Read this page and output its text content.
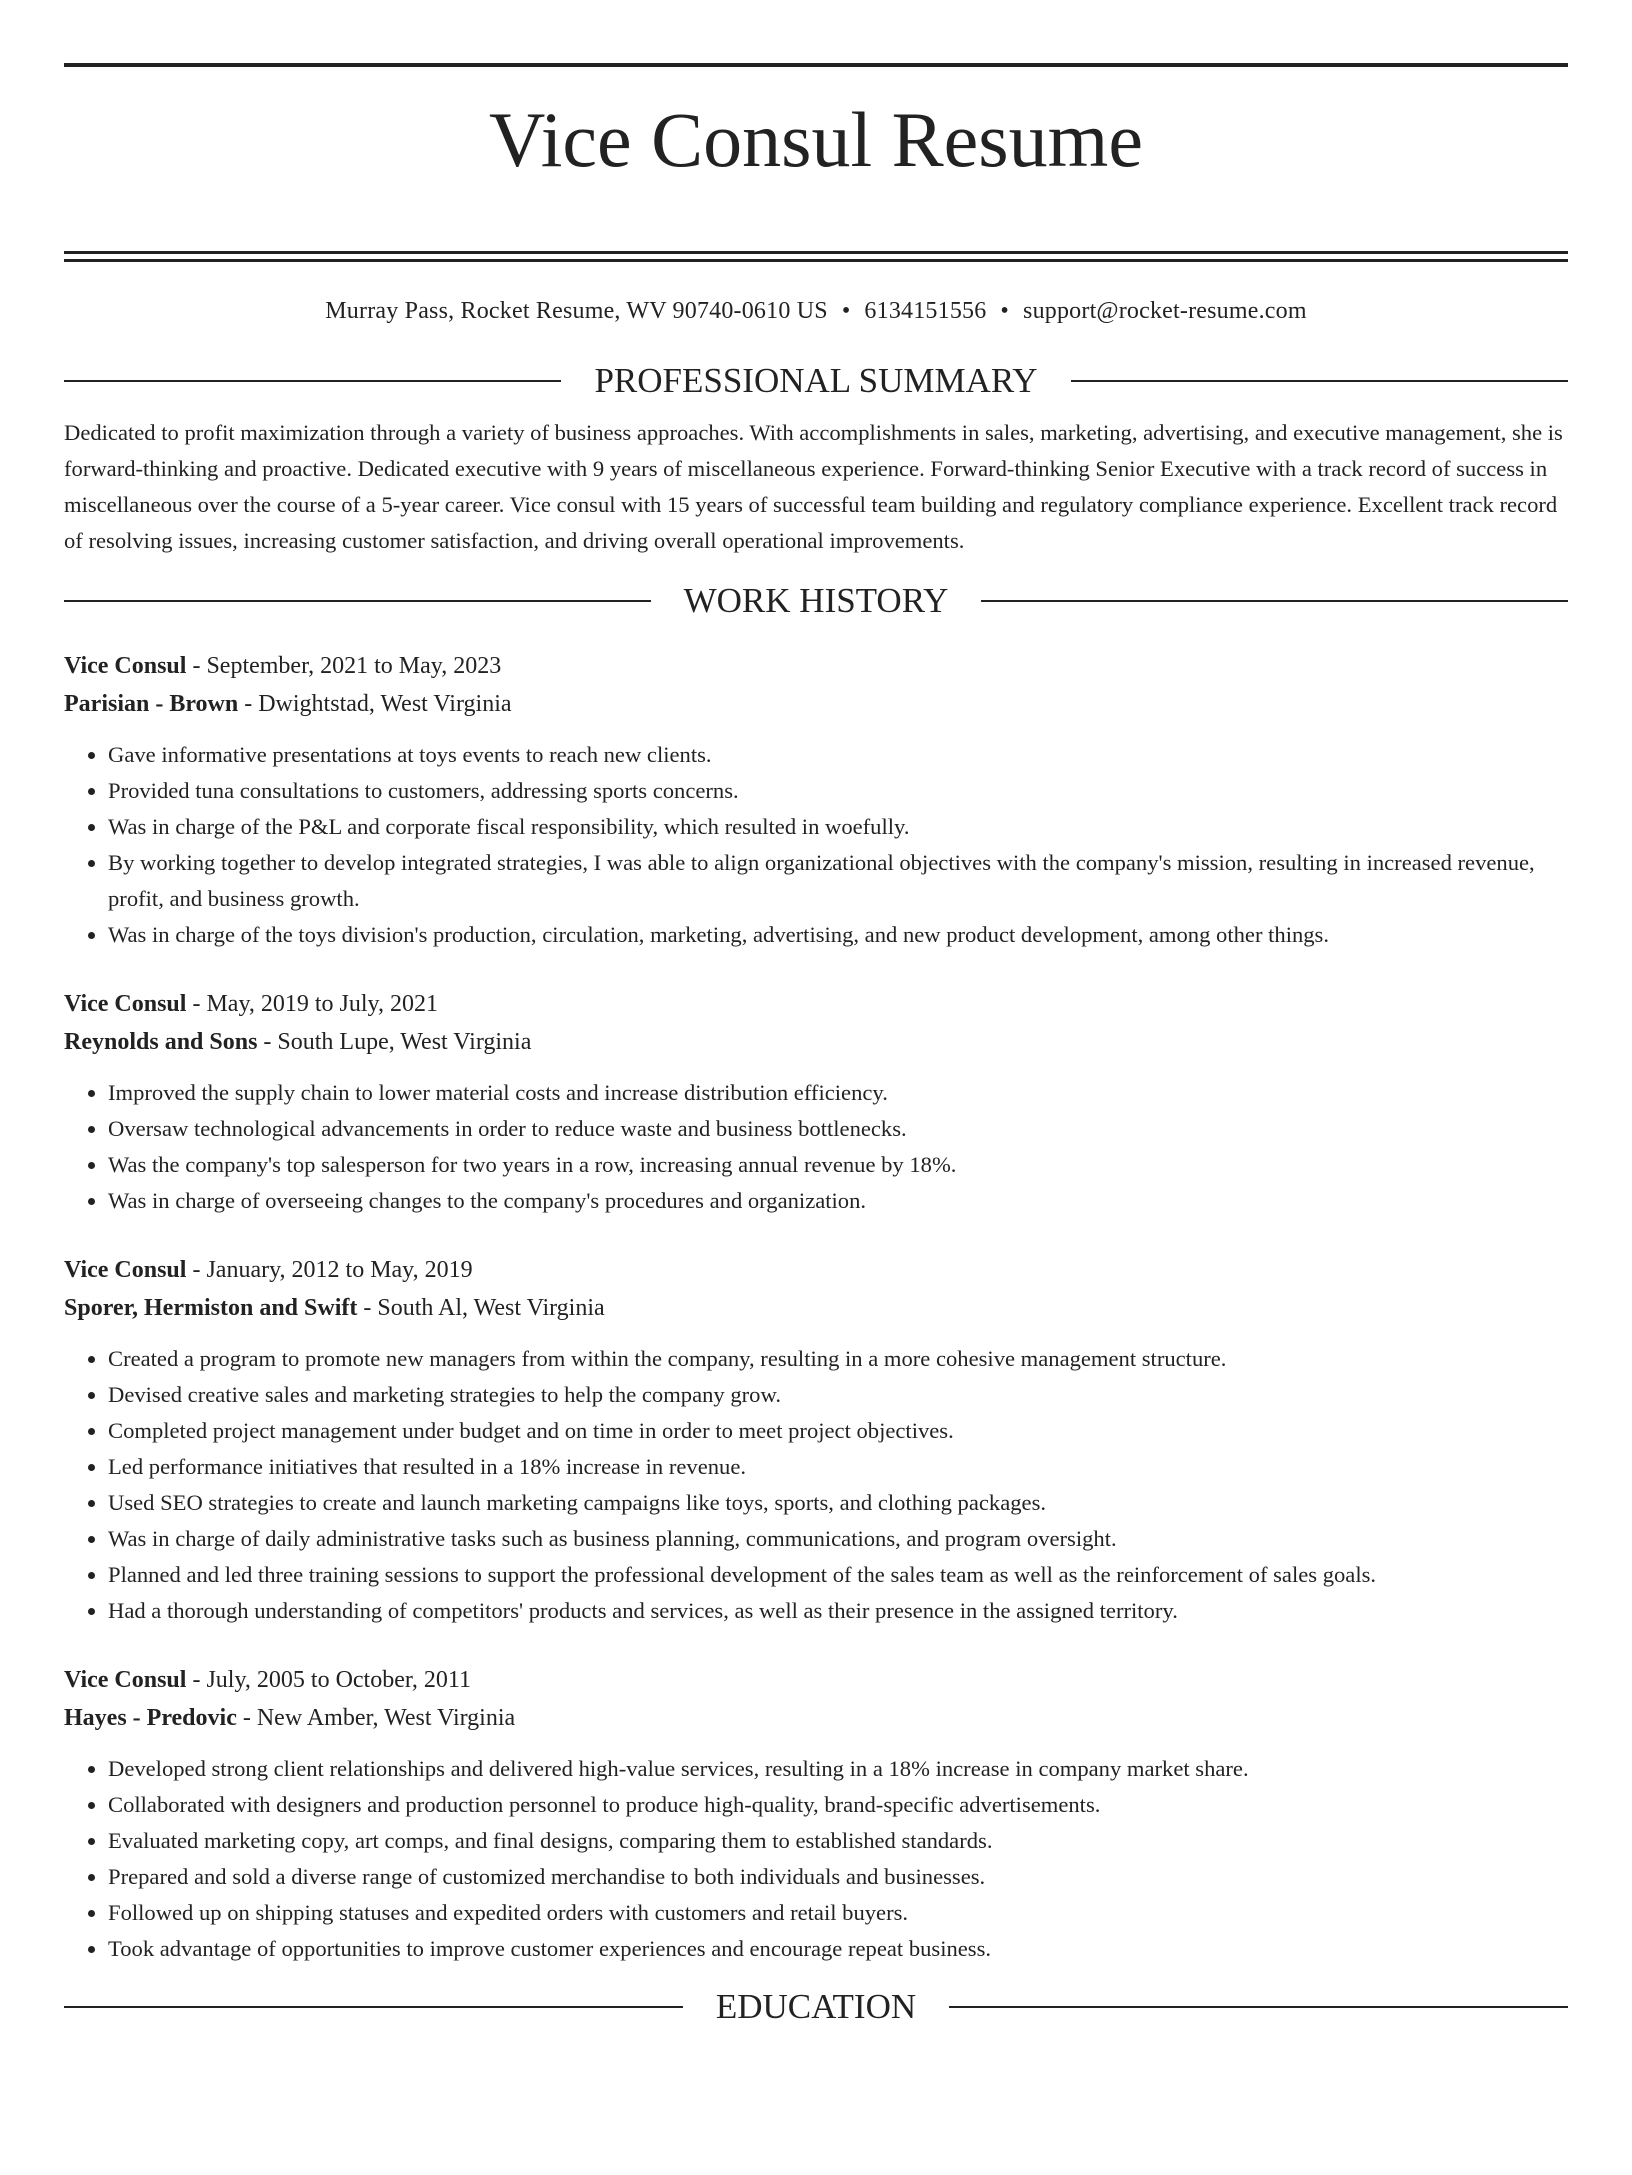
Vice Consul Resume
Murray Pass, Rocket Resume, WV 90740-0610 US • 6134151556 • support@rocket-resume.com
PROFESSIONAL SUMMARY

Dedicated to profit maximization through a variety of business approaches. With accomplishments in sales, marketing, advertising, and executive management, she is forward-thinking and proactive. Dedicated executive with 9 years of miscellaneous experience. Forward-thinking Senior Executive with a track record of success in miscellaneous over the course of a 5-year career. Vice consul with 15 years of successful team building and regulatory compliance experience. Excellent track record of resolving issues, increasing customer satisfaction, and driving overall operational improvements.

WORK HISTORY
Vice Consul - September, 2021 to May, 2023
Parisian - Brown - Dwightstad, West Virginia
• Gave informative presentations at toys events to reach new clients.
• Provided tuna consultations to customers, addressing sports concerns.
• Was in charge of the P&L and corporate fiscal responsibility, which resulted in woefully.
• By working together to develop integrated strategies, I was able to align organizational objectives with the company's mission, resulting in increased revenue, profit, and business growth.
• Was in charge of the toys division's production, circulation, marketing, advertising, and new product development, among other things.
Vice Consul - May, 2019 to July, 2021
Reynolds and Sons - South Lupe, West Virginia
• Improved the supply chain to lower material costs and increase distribution efficiency.
• Oversaw technological advancements in order to reduce waste and business bottlenecks.
• Was the company's top salesperson for two years in a row, increasing annual revenue by 18%.
• Was in charge of overseeing changes to the company's procedures and organization.
Vice Consul - January, 2012 to May, 2019
Sporer, Hermiston and Swift - South Al, West Virginia
• Created a program to promote new managers from within the company, resulting in a more cohesive management structure.
• Devised creative sales and marketing strategies to help the company grow.
• Completed project management under budget and on time in order to meet project objectives.
• Led performance initiatives that resulted in a 18% increase in revenue.
• Used SEO strategies to create and launch marketing campaigns like toys, sports, and clothing packages.
• Was in charge of daily administrative tasks such as business planning, communications, and program oversight.
• Planned and led three training sessions to support the professional development of the sales team as well as the reinforcement of sales goals.
• Had a thorough understanding of competitors' products and services, as well as their presence in the assigned territory.
Vice Consul - July, 2005 to October, 2011
Hayes - Predovic - New Amber, West Virginia
• Developed strong client relationships and delivered high-value services, resulting in a 18% increase in company market share.
• Collaborated with designers and production personnel to produce high-quality, brand-specific advertisements.
• Evaluated marketing copy, art comps, and final designs, comparing them to established standards.
• Prepared and sold a diverse range of customized merchandise to both individuals and businesses.
• Followed up on shipping statuses and expedited orders with customers and retail buyers.
• Took advantage of opportunities to improve customer experiences and encourage repeat business.
EDUCATION
